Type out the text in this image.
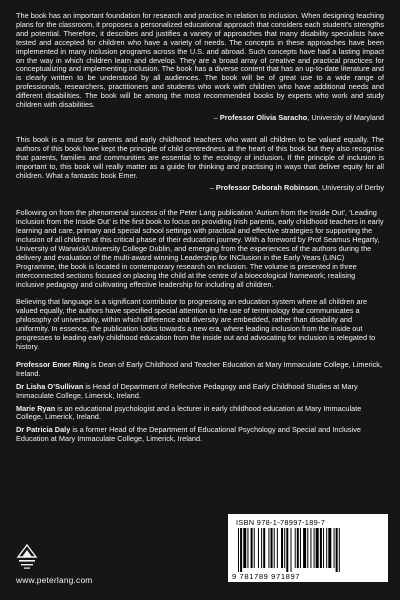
The book has an important foundation for research and practice in relation to inclusion. When designing teaching plans for the classroom, it proposes a personalized educational approach that considers each student's strengths and potential. Therefore, it describes and justifies a variety of approaches that many disability specialists have tested and accepted for children who have a variety of needs. The concepts in these approaches have been implemented in many inclusion programs across the U.S. and abroad. Such concepts have had a lasting impact on the way in which children learn and develop. They are a broad array of creative and practical practices for conceptualizing and implementing inclusion. The book has a diverse content that has an up-to-date literature and is clearly written to be understood by all audiences. The book will be of great use to a wide range of professionals, researchers, practitioners and students who work with children who have additional needs and different disabilities. The book will be among the most recommended books by experts who work and study children with disabilities.

– Professor Olivia Saracho, University of Maryland

This book is a must for parents and early childhood teachers who want all children to be valued equally. The authors of this book have kept the principle of child centredness at the heart of this book but they also recognise that parents, families and communities are essential to the ecology of inclusion. If the principle of inclusion is important to, this book will really matter as a guide for thinking and practising in ways that deliver equity for all children. What a fantastic book Emer.

– Professor Deborah Robinson, University of Derby

Following on from the phenomenal success of the Peter Lang publication ‘Autism from the Inside Out’, ‘Leading inclusion from the Inside Out’ is the first book to focus on providing Irish parents, early childhood teachers in early learning and care, primary and special school settings with practical and effective strategies for supporting the inclusion of all children at this critical phase of their education journey. With a foreword by Prof Seamus Hegarty, University of Warwick/University College Dublin, and emerging from the experiences of the authors during the delivery and evaluation of the multi-award winning Leadership for INClusion in the Early Years (LINC) Programme, the book is located in contemporary research on inclusion. The volume is presented in three interconnected sections focused on placing the child at the centre of a bioecological framework; realising inclusive pedagogy and cultivating effective leadership for including all children.

Believing that language is a significant contributor to progressing an education system where all children are valued equally, the authors have specified special attention to the use of terminology that communicates a philosophy of universality, within which difference and diversity are embedded, rather than disability and uniformity. In essence, the publication looks towards a new era, where leading inclusion from the inside out progresses to leading early childhood education from the inside out and advocating for inclusion is relegated to history.

Professor Emer Ring is Dean of Early Childhood and Teacher Education at Mary Immaculate College, Limerick, Ireland.

Dr Lisha O’Sullivan is Head of Department of Reflective Pedagogy and Early Childhood Studies at Mary Immaculate College, Limerick, Ireland.

Marie Ryan is an educational psychologist and a lecturer in early childhood education at Mary Immaculate College, Limerick, Ireland.

Dr Patricia Daly is a former Head of the Department of Educational Psychology and Special and Inclusive Education at Mary Immaculate College, Limerick, Ireland.

www.peterlang.com
ISBN 978-1-78997-189-7
9 781789 971897
